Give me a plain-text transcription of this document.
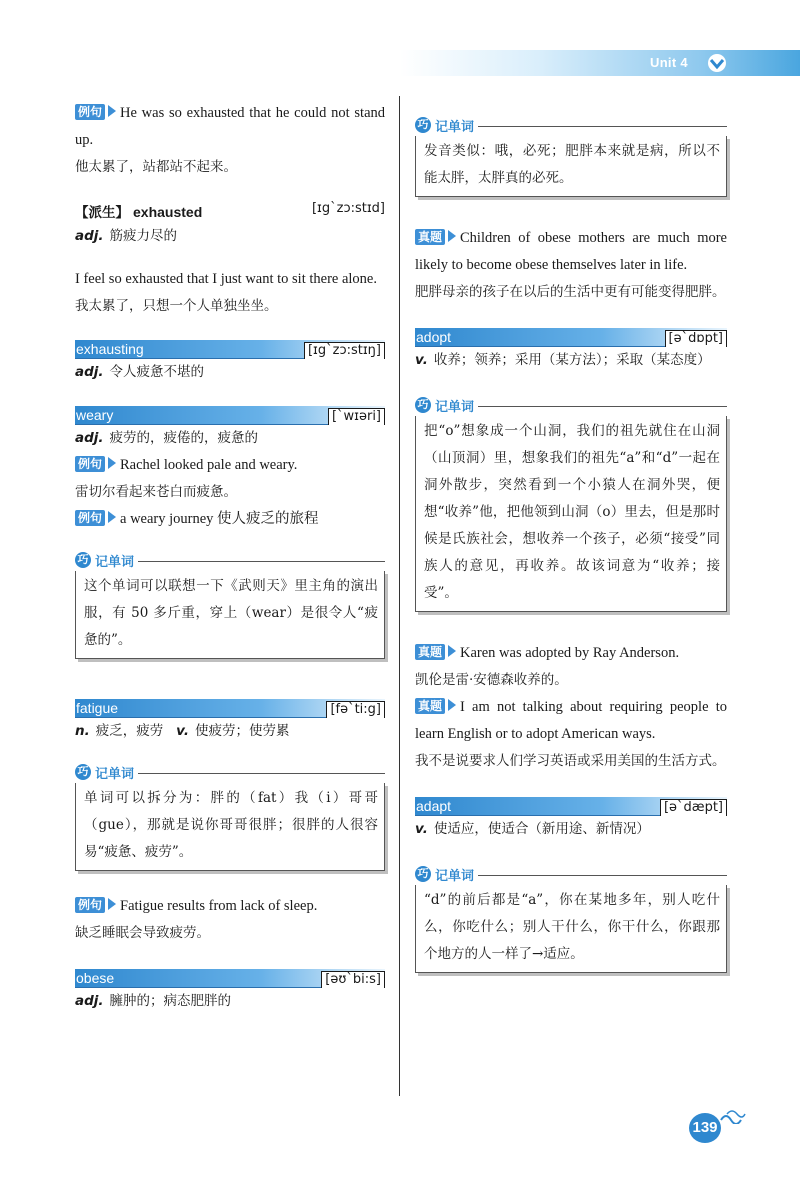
Unit 4

例句 He was so exhausted that he could not stand up.

他太累了，站都站不起来。

【派生】 exhausted	[ɪg`zɔ:stɪd]

adj. 筋疲力尽的

I feel so exhausted that I just want to sit there alone.

我太累了，只想一个人单独坐坐。

exhausting	[ɪg`zɔ:stɪŋ]

adj. 令人疲惫不堪的

weary	[`wɪəri]

adj. 疲劳的，疲倦的，疲惫的

例句 Rachel looked pale and weary.

雷切尔看起来苍白而疲惫。

例句 a weary journey 使人疲乏的旅程

巧 记单词
这个单词可以联想一下《武则天》里主角的演出服，有 50 多斤重，穿上（wear）是很令人“疲惫的”。
fatigue	[fə`ti:g]

n. 疲乏，疲劳 v. 使疲劳；使劳累

巧 记单词
单词可以拆分为：胖的（fat）我（i）哥哥（gue），那就是说你哥哥很胖；很胖的人很容易“疲惫、疲劳”。

例句 Fatigue results from lack of sleep.

缺乏睡眠会导致疲劳。

obese	[əʊ`bi:s]

adj. 臃肿的；病态肥胖的

巧 记单词
发音类似：哦，必死；肥胖本来就是病，所以不能太胖，太胖真的必死。

真题 Children of obese mothers are much more likely to become obese themselves later in life.

肥胖母亲的孩子在以后的生活中更有可能变得肥胖。

adopt	[ə`dɒpt]

v. 收养；领养；采用（某方法）；采取（某态度）

巧 记单词
把“o”想象成一个山洞，我们的祖先就住在山洞（山顶洞）里，想象我们的祖先“a”和“d”一起在洞外散步，突然看到一个小猿人在洞外哭，便想“收养”他，把他领到山洞（o）里去，但是那时候是氏族社会，想收养一个孩子，必须“接受”同族人的意见，再收养。故该词意为“收养；接受”。

真题 Karen was adopted by Ray Anderson.

凯伦是雷·安德森收养的。

真题 I am not talking about requiring people to learn English or to adopt American ways.

我不是说要求人们学习英语或采用美国的生活方式。

adapt	[ə`dæpt]

v. 使适应，使适合（新用途、新情况）

巧 记单词
“d”的前后都是“a”，你在某地多年，别人吃什么，你吃什么；别人干什么，你干什么，你跟那个地方的人一样了→适应。
139
